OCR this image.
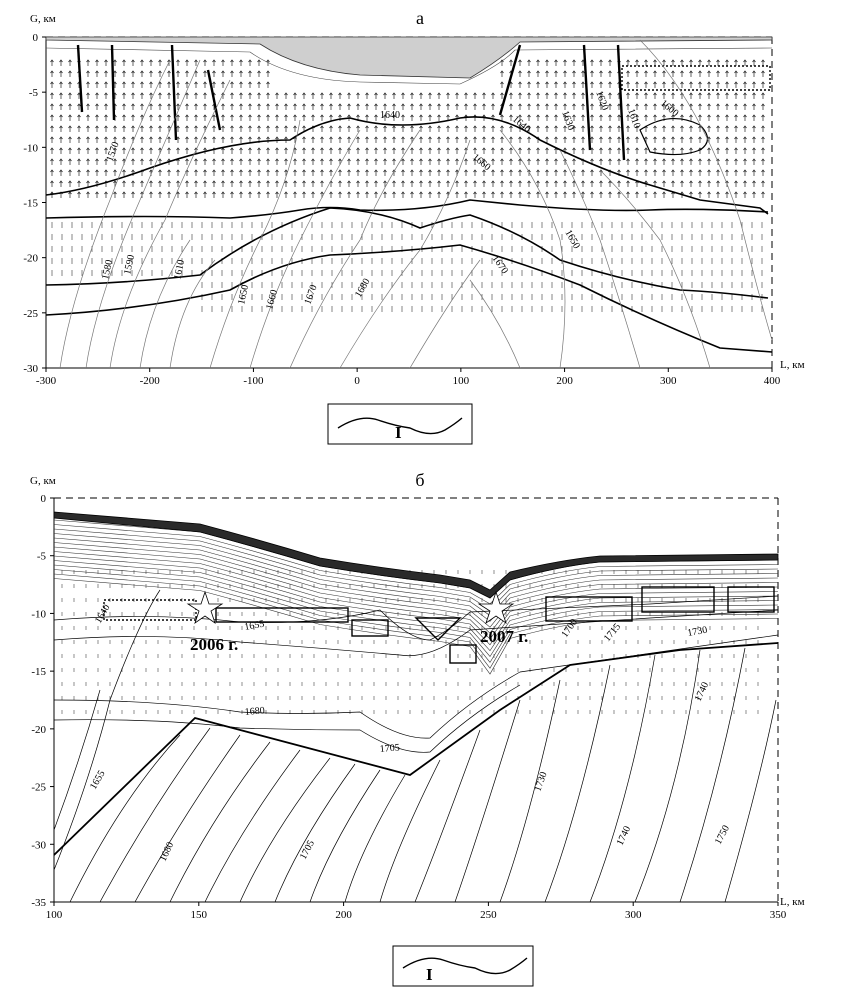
а
G, км
L, км
1570
1580 1590	1610
1650 1660 1670	1680
1660
1650
1630
1620
1610 1600
1640
1640
1670
-300	-200	-100	0	100	200	300	400
0
-5
-10
-15
-20
-25
-30
I
б
G, км
L, км
2006 г.	2007 г.
1640
1655
1680
1705
1655
1680	1705
1730
1740	1750
1700 1715	1730
1740
100	150	200	250	300	350
0
-5
-10
-15
-20
-25
-30
-35
I
